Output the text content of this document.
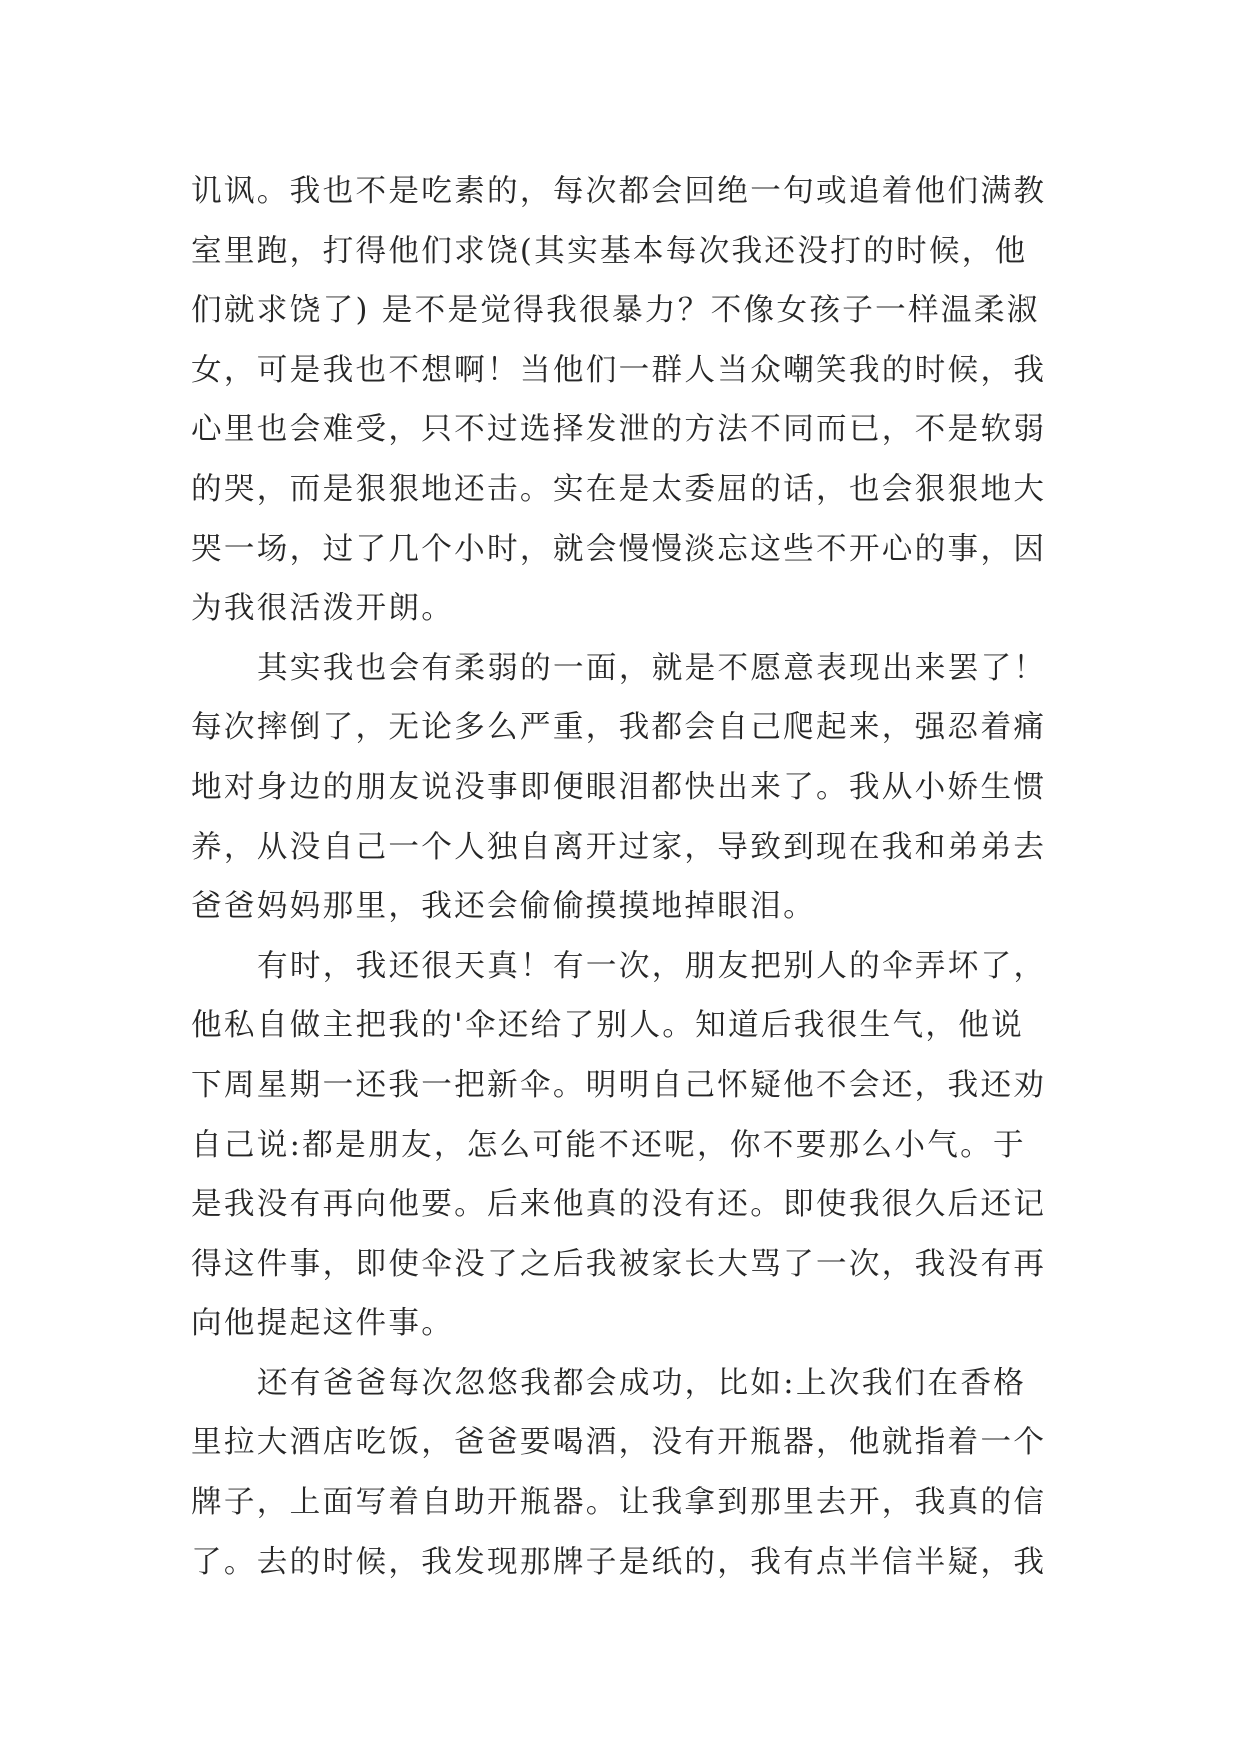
讥讽。我也不是吃素的，每次都会回绝一句或追着他们满教
室里跑，打得他们求饶(其实基本每次我还没打的时候，他
们就求饶了) 是不是觉得我很暴力？不像女孩子一样温柔淑
女，可是我也不想啊！当他们一群人当众嘲笑我的时候，我
心里也会难受，只不过选择发泄的方法不同而已，不是软弱
的哭，而是狠狠地还击。实在是太委屈的话，也会狠狠地大
哭一场，过了几个小时，就会慢慢淡忘这些不开心的事，因
为我很活泼开朗。
其实我也会有柔弱的一面，就是不愿意表现出来罢了！
每次摔倒了，无论多么严重，我都会自己爬起来，强忍着痛
地对身边的朋友说没事即便眼泪都快出来了。我从小娇生惯
养，从没自己一个人独自离开过家，导致到现在我和弟弟去
爸爸妈妈那里，我还会偷偷摸摸地掉眼泪。
有时，我还很天真！有一次，朋友把别人的伞弄坏了，
他私自做主把我的'伞还给了别人。知道后我很生气，他说
下周星期一还我一把新伞。明明自己怀疑他不会还，我还劝
自己说:都是朋友，怎么可能不还呢，你不要那么小气。于
是我没有再向他要。后来他真的没有还。即使我很久后还记
得这件事，即使伞没了之后我被家长大骂了一次，我没有再
向他提起这件事。
还有爸爸每次忽悠我都会成功，比如:上次我们在香格
里拉大酒店吃饭，爸爸要喝酒，没有开瓶器，他就指着一个
牌子，上面写着自助开瓶器。让我拿到那里去开，我真的信
了。去的时候，我发现那牌子是纸的，我有点半信半疑，我
